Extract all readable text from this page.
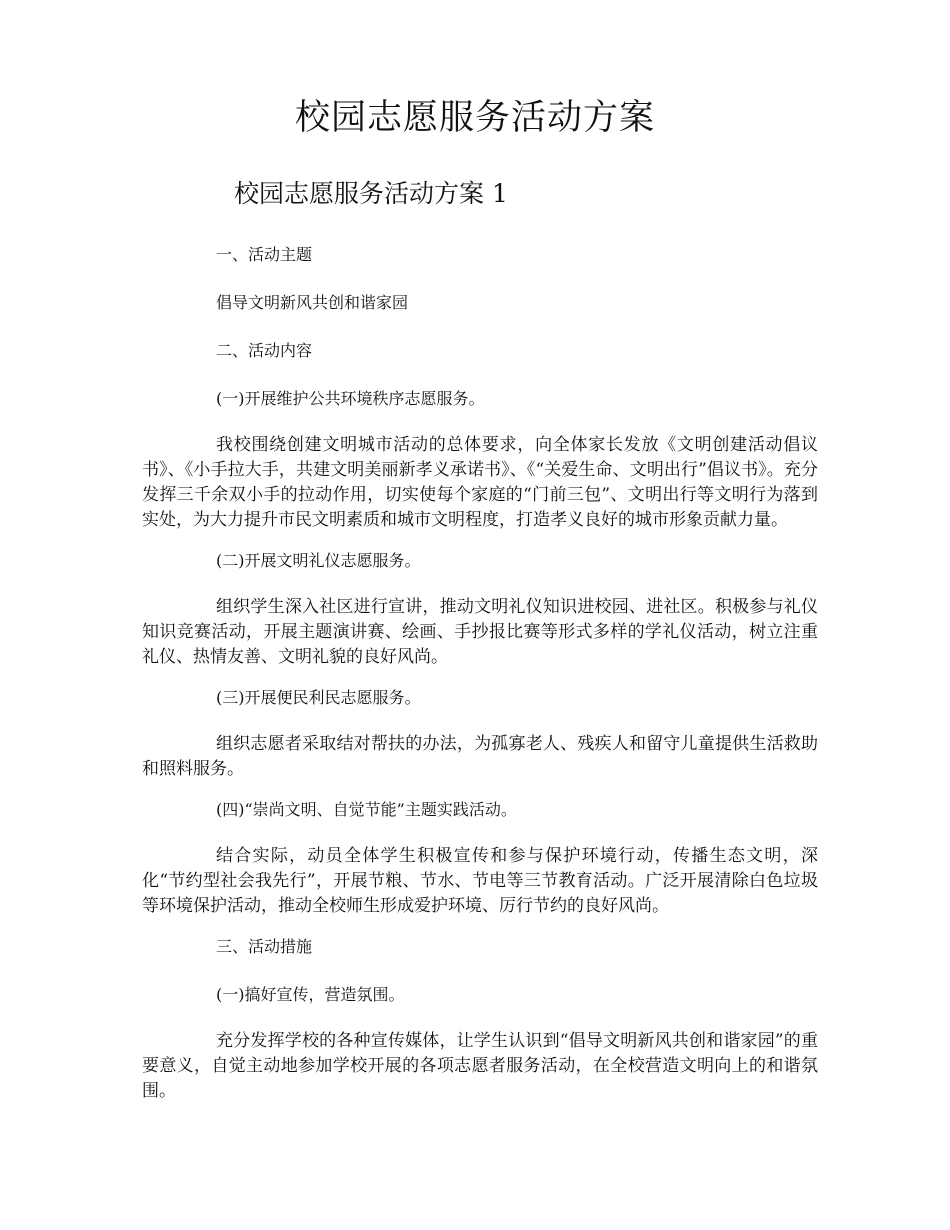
校园志愿服务活动方案
校园志愿服务活动方案 1

一、活动主题

倡导文明新风共创和谐家园

二、活动内容

(一)开展维护公共环境秩序志愿服务。

我校围绕创建文明城市活动的总体要求，向全体家长发放《文明创建活动倡议书》、《小手拉大手，共建文明美丽新孝义承诺书》、《“关爱生命、文明出行”倡议书》。充分发挥三千余双小手的拉动作用，切实使每个家庭的“门前三包”、文明出行等文明行为落到实处，为大力提升市民文明素质和城市文明程度，打造孝义良好的城市形象贡献力量。

(二)开展文明礼仪志愿服务。

组织学生深入社区进行宣讲，推动文明礼仪知识进校园、进社区。积极参与礼仪知识竞赛活动，开展主题演讲赛、绘画、手抄报比赛等形式多样的学礼仪活动，树立注重礼仪、热情友善、文明礼貌的良好风尚。

(三)开展便民利民志愿服务。

组织志愿者采取结对帮扶的办法，为孤寡老人、残疾人和留守儿童提供生活救助和照料服务。

(四)“崇尚文明、自觉节能”主题实践活动。

结合实际，动员全体学生积极宣传和参与保护环境行动，传播生态文明，深化“节约型社会我先行”，开展节粮、节水、节电等三节教育活动。广泛开展清除白色垃圾等环境保护活动，推动全校师生形成爱护环境、厉行节约的良好风尚。

三、活动措施

(一)搞好宣传，营造氛围。

充分发挥学校的各种宣传媒体，让学生认识到“倡导文明新风共创和谐家园”的重要意义，自觉主动地参加学校开展的各项志愿者服务活动，在全校营造文明向上的和谐氛围。
